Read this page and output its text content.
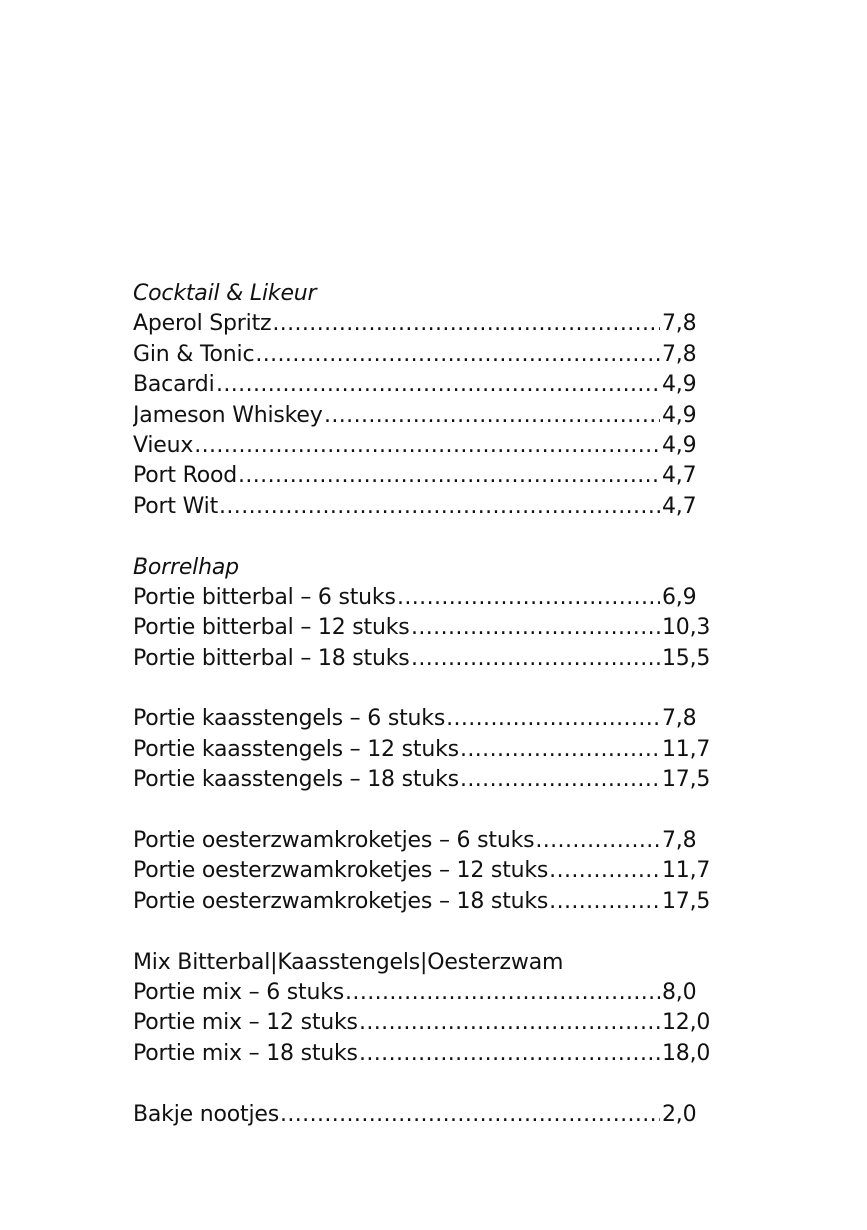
Cocktail & Likeur
Aperol Spritz .....	7,8
Gin & Tonic .....	7,8
Bacardi .....	4,9
Jameson Whiskey .....	4,9
Vieux .....	4,9
Port Rood .....	4,7
Port Wit .....	4,7
Borrelhap
Portie bitterbal – 6 stuks .....	6,9
Portie bitterbal – 12 stuks .....	10,3
Portie bitterbal – 18 stuks .....	15,5
Portie kaasstengels – 6 stuks .....	7,8
Portie kaasstengels – 12 stuks .....	11,7
Portie kaasstengels – 18 stuks .....	17,5
Portie oesterzwamkroketjes – 6 stuks .....	7,8
Portie oesterzwamkroketjes – 12 stuks .....	11,7
Portie oesterzwamkroketjes – 18 stuks .....	17,5
Mix Bitterbal|Kaasstengels|Oesterzwam
Portie mix – 6 stuks .....	8,0
Portie mix – 12 stuks .....	12,0
Portie mix – 18 stuks .....	18,0
Bakje nootjes .....	2,0
